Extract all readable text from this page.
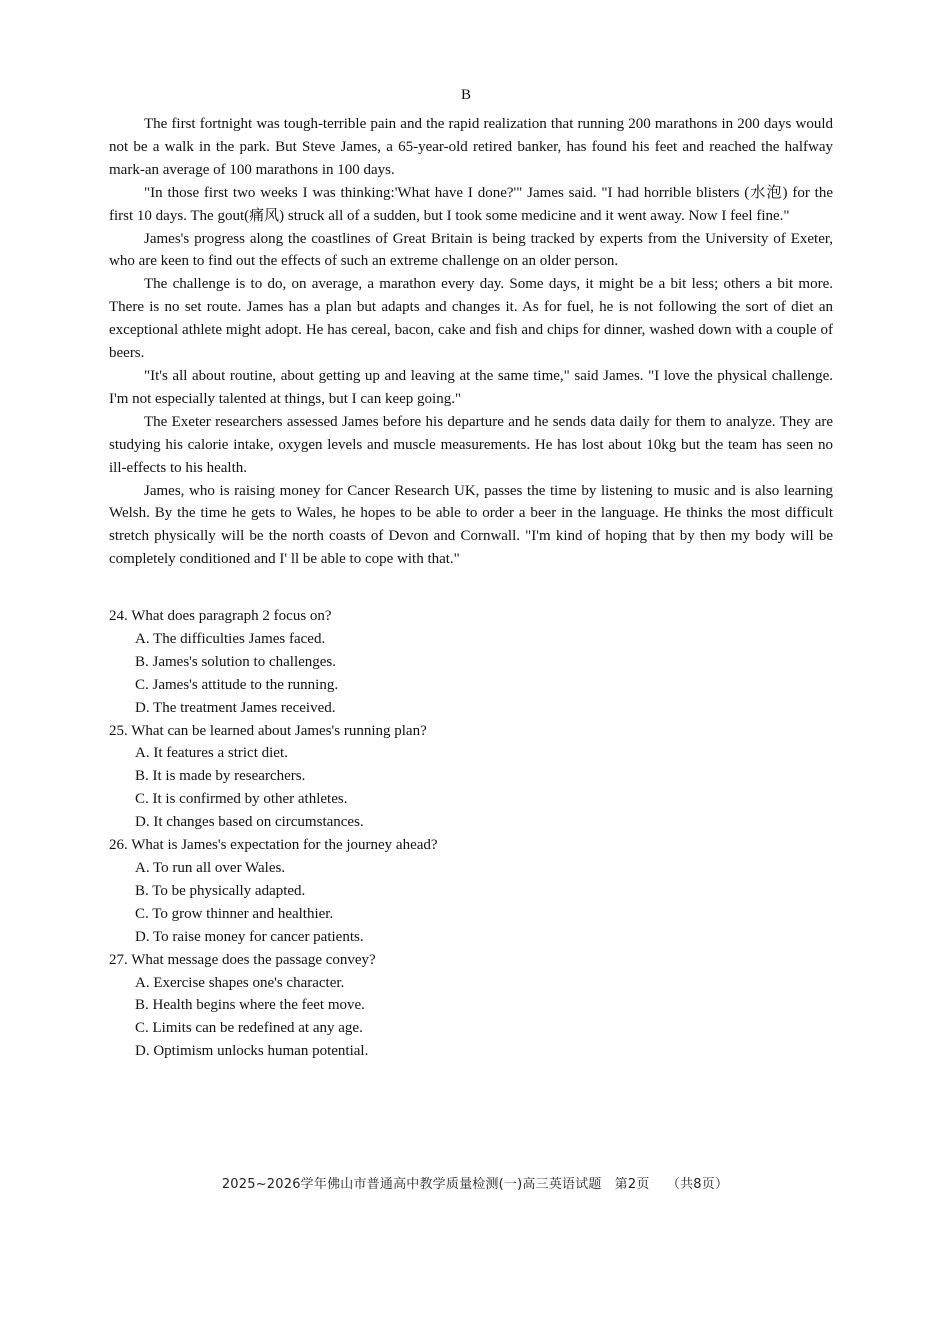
B

The first fortnight was tough-terrible pain and the rapid realization that running 200 marathons in 200 days would not be a walk in the park. But Steve James, a 65-year-old retired banker, has found his feet and reached the halfway mark-an average of 100 marathons in 100 days.

"In those first two weeks I was thinking:'What have I done?'" James said. "I had horrible blisters (水泡) for the first 10 days. The gout(痛风) struck all of a sudden, but I took some medicine and it went away. Now I feel fine."

James's progress along the coastlines of Great Britain is being tracked by experts from the University of Exeter, who are keen to find out the effects of such an extreme challenge on an older person.

The challenge is to do, on average, a marathon every day. Some days, it might be a bit less; others a bit more. There is no set route. James has a plan but adapts and changes it. As for fuel, he is not following the sort of diet an exceptional athlete might adopt. He has cereal, bacon, cake and fish and chips for dinner, washed down with a couple of beers.

"It's all about routine, about getting up and leaving at the same time," said James. "I love the physical challenge. I'm not especially talented at things, but I can keep going."

The Exeter researchers assessed James before his departure and he sends data daily for them to analyze. They are studying his calorie intake, oxygen levels and muscle measurements. He has lost about 10kg but the team has seen no ill-effects to his health.

James, who is raising money for Cancer Research UK, passes the time by listening to music and is also learning Welsh. By the time he gets to Wales, he hopes to be able to order a beer in the language. He thinks the most difficult stretch physically will be the north coasts of Devon and Cornwall. "I'm kind of hoping that by then my body will be completely conditioned and I' ll be able to cope with that."

24. What does paragraph 2 focus on?

A. The difficulties James faced.

B. James's solution to challenges.

C. James's attitude to the running.

D. The treatment James received.

25. What can be learned about James's running plan?

A. It features a strict diet.

B. It is made by researchers.

C. It is confirmed by other athletes.

D. It changes based on circumstances.

26. What is James's expectation for the journey ahead?

A. To run all over Wales.

B. To be physically adapted.

C. To grow thinner and healthier.

D. To raise money for cancer patients.

27. What message does the passage convey?

A. Exercise shapes one's character.

B. Health begins where the feet move.

C. Limits can be redefined at any age.

D. Optimism unlocks human potential.

2025~2026学年佛山市普通高中教学质量检测(一)高三英语试题 第2页 （共8页）
